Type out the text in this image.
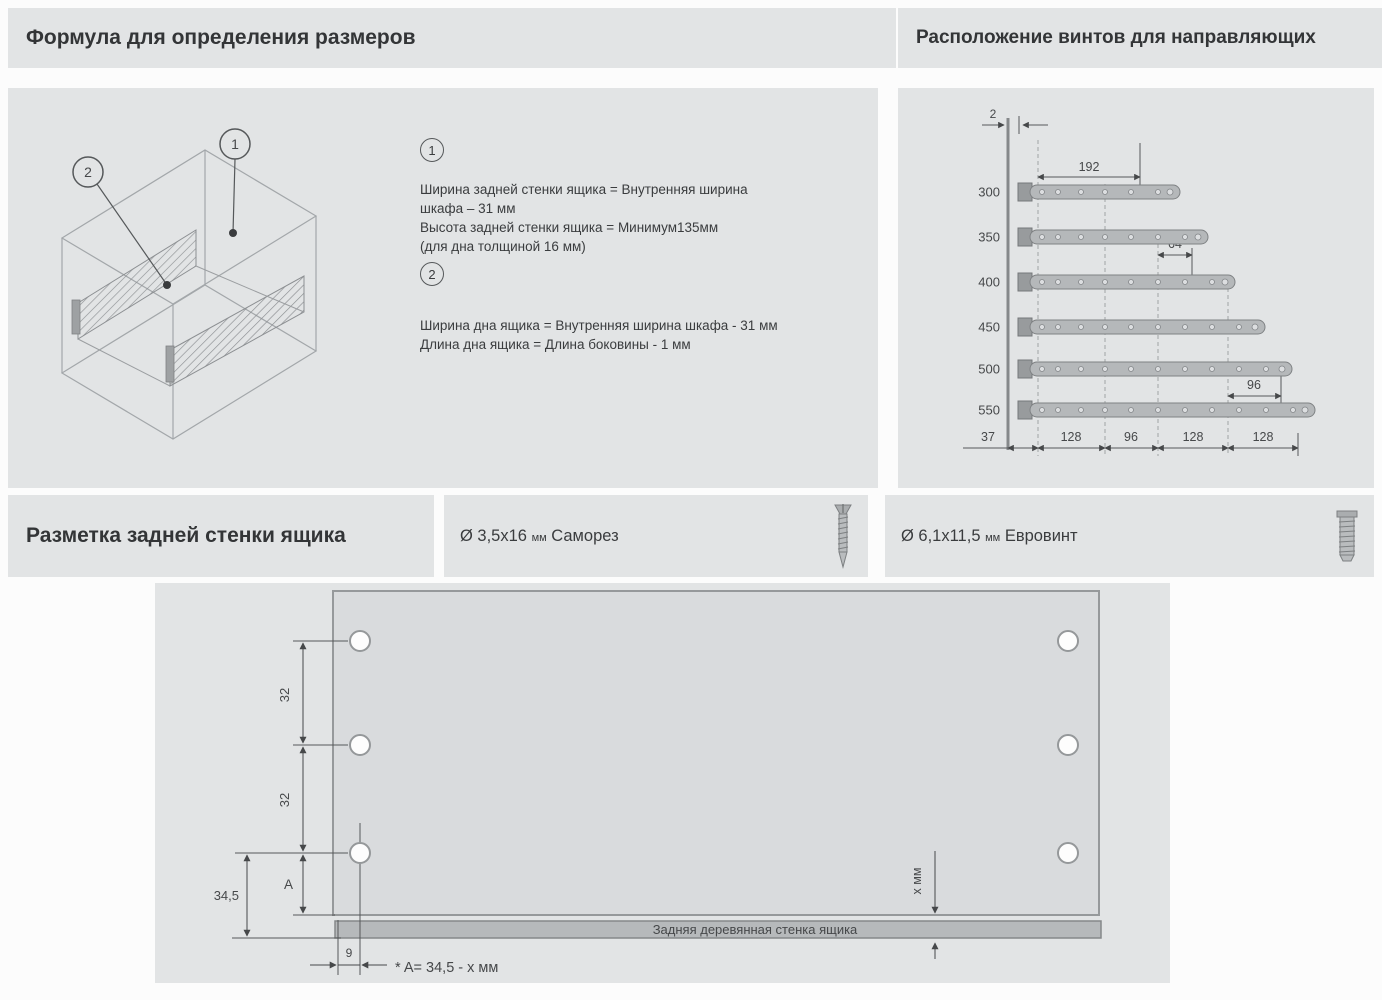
Формула для определения размеров	Расположение винтов для направляющих
1
2
1
Ширина задней стенки ящика = Внутренняя ширина
шкафа – 31 мм
Высота задней стенки ящика = Минимум135мм
(для дна толщиной 16 мм)
2
Ширина дна ящика = Внутренняя ширина шкафа - 31 мм
Длина дна ящика = Длина боковины - 1 мм
2
192
96
300
350
400
450
500
550
37	128	96	128	128
Разметка задней стенки ящика	Ø 3,5x16 мм Саморез	Ø 6,1x11,5 мм Евровинт
Задняя деревянная стенка ящика
32
32
A
34,5
9
* A= 34,5 - x мм
x мм
